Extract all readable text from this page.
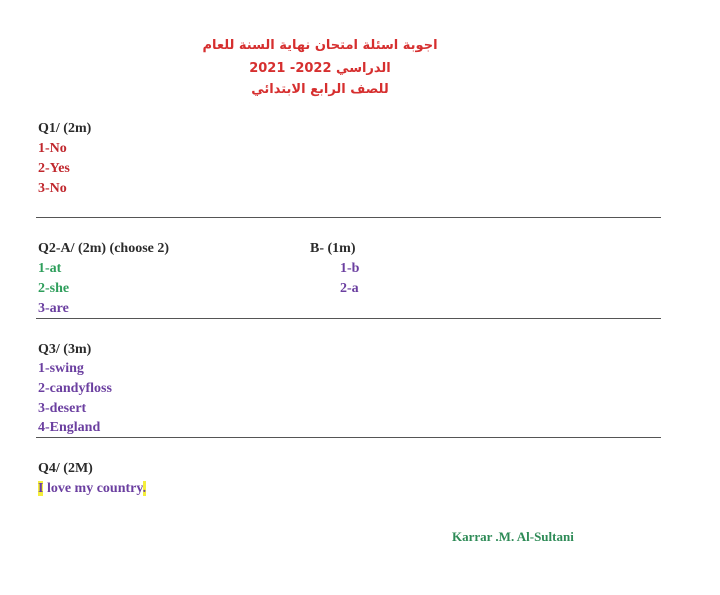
اجوبة اسئلة امتحان نهاية السنة للعام
الدراسي 2022- 2021
للصف الرابع الابتدائي
Q1/ (2m)
1-No
2-Yes
3-No
Q2-A/ (2m) (choose 2)
1-at
2-she
3-are
B- (1m)
1-b
2-a
Q3/ (3m)
1-swing
2-candyfloss
3-desert
4-England
Q4/ (2M)
I love my country.
Karrar .M. Al-Sultani
